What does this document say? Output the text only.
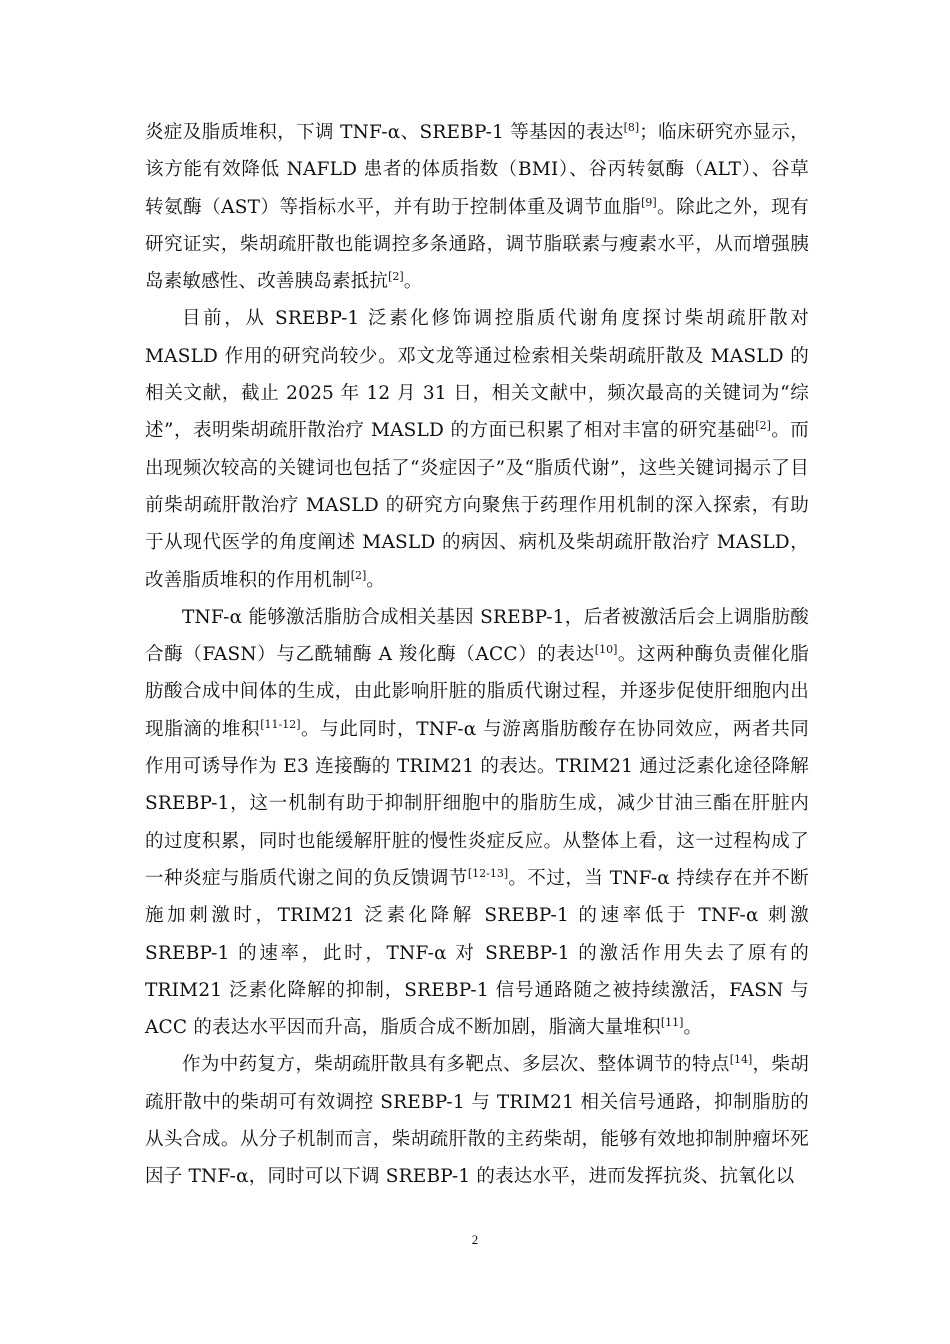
炎症及脂质堆积，下调 TNF-α、SREBP-1 等基因的表达[8]；临床研究亦显示，该方能有效降低 NAFLD 患者的体质指数（BMI）、谷丙转氨酶（ALT）、谷草转氨酶（AST）等指标水平，并有助于控制体重及调节血脂[9]。除此之外，现有研究证实，柴胡疏肝散也能调控多条通路，调节脂联素与瘦素水平，从而增强胰岛素敏感性、改善胰岛素抵抗[2]。

目前，从 SREBP-1 泛素化修饰调控脂质代谢角度探讨柴胡疏肝散对 MASLD 作用的研究尚较少。邓文龙等通过检索相关柴胡疏肝散及 MASLD 的相关文献，截止 2025 年 12 月 31 日，相关文献中，频次最高的关键词为“综述”，表明柴胡疏肝散治疗 MASLD 的方面已积累了相对丰富的研究基础[2]。而出现频次较高的关键词也包括了“炎症因子”及“脂质代谢”，这些关键词揭示了目前柴胡疏肝散治疗 MASLD 的研究方向聚焦于药理作用机制的深入探索，有助于从现代医学的角度阐述 MASLD 的病因、病机及柴胡疏肝散治疗 MASLD，改善脂质堆积的作用机制[2]。

TNF-α 能够激活脂肪合成相关基因 SREBP-1，后者被激活后会上调脂肪酸合酶（FASN）与乙酰辅酶 A 羧化酶（ACC）的表达[10]。这两种酶负责催化脂肪酸合成中间体的生成，由此影响肝脏的脂质代谢过程，并逐步促使肝细胞内出现脂滴的堆积[11-12]。与此同时，TNF-α 与游离脂肪酸存在协同效应，两者共同作用可诱导作为 E3 连接酶的 TRIM21 的表达。TRIM21 通过泛素化途径降解 SREBP-1，这一机制有助于抑制肝细胞中的脂肪生成，减少甘油三酯在肝脏内的过度积累，同时也能缓解肝脏的慢性炎症反应。从整体上看，这一过程构成了一种炎症与脂质代谢之间的负反馈调节[12-13]。不过，当 TNF-α 持续存在并不断施加刺激时，TRIM21 泛素化降解 SREBP-1 的速率低于 TNF-α 刺激 SREBP-1 的速率，此时，TNF-α 对 SREBP-1 的激活作用失去了原有的 TRIM21 泛素化降解的抑制，SREBP-1 信号通路随之被持续激活，FASN 与 ACC 的表达水平因而升高，脂质合成不断加剧，脂滴大量堆积[11]。

作为中药复方，柴胡疏肝散具有多靶点、多层次、整体调节的特点[14]，柴胡疏肝散中的柴胡可有效调控 SREBP-1 与 TRIM21 相关信号通路，抑制脂肪的从头合成。从分子机制而言，柴胡疏肝散的主药柴胡，能够有效地抑制肿瘤坏死因子 TNF-α，同时可以下调 SREBP-1 的表达水平，进而发挥抗炎、抗氧化以

2
